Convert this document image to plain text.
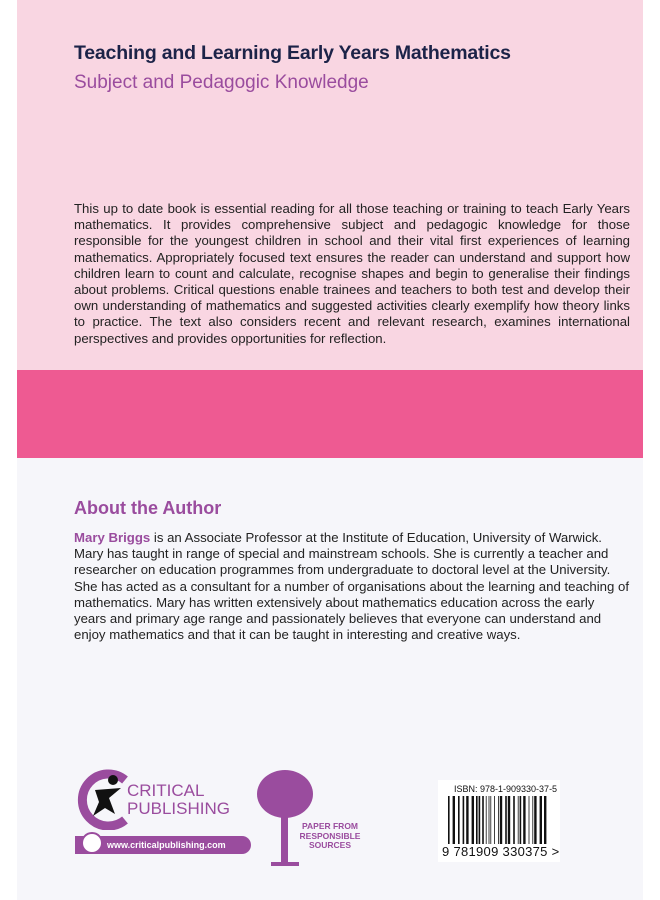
Teaching and Learning Early Years Mathematics
Subject and Pedagogic Knowledge

This up to date book is essential reading for all those teaching or training to teach Early Years mathematics. It provides comprehensive subject and pedagogic knowledge for those responsible for the youngest children in school and their vital first experiences of learning mathematics. Appropriately focused text ensures the reader can understand and support how children learn to count and calculate, recognise shapes and begin to generalise their findings about problems. Critical questions enable trainees and teachers to both test and develop their own understanding of mathematics and suggested activities clearly exemplify how theory links to practice. The text also considers recent and relevant research, examines international perspectives and provides opportunities for reflection.

About the Author

Mary Briggs is an Associate Professor at the Institute of Education, University of Warwick. Mary has taught in range of special and mainstream schools. She is currently a teacher and researcher on education programmes from undergraduate to doctoral level at the University. She has acted as a consultant for a number of organisations about the learning and teaching of mathematics. Mary has written extensively about mathematics education across the early years and primary age range and passionately believes that everyone can understand and enjoy mathematics and that it can be taught in interesting and creative ways.

CRITICAL
PUBLISHING
www.criticalpublishing.com
PAPER FROM
RESPONSIBLE
SOURCES
ISBN: 978-1-909330-37-5
9 781909 330375 >
